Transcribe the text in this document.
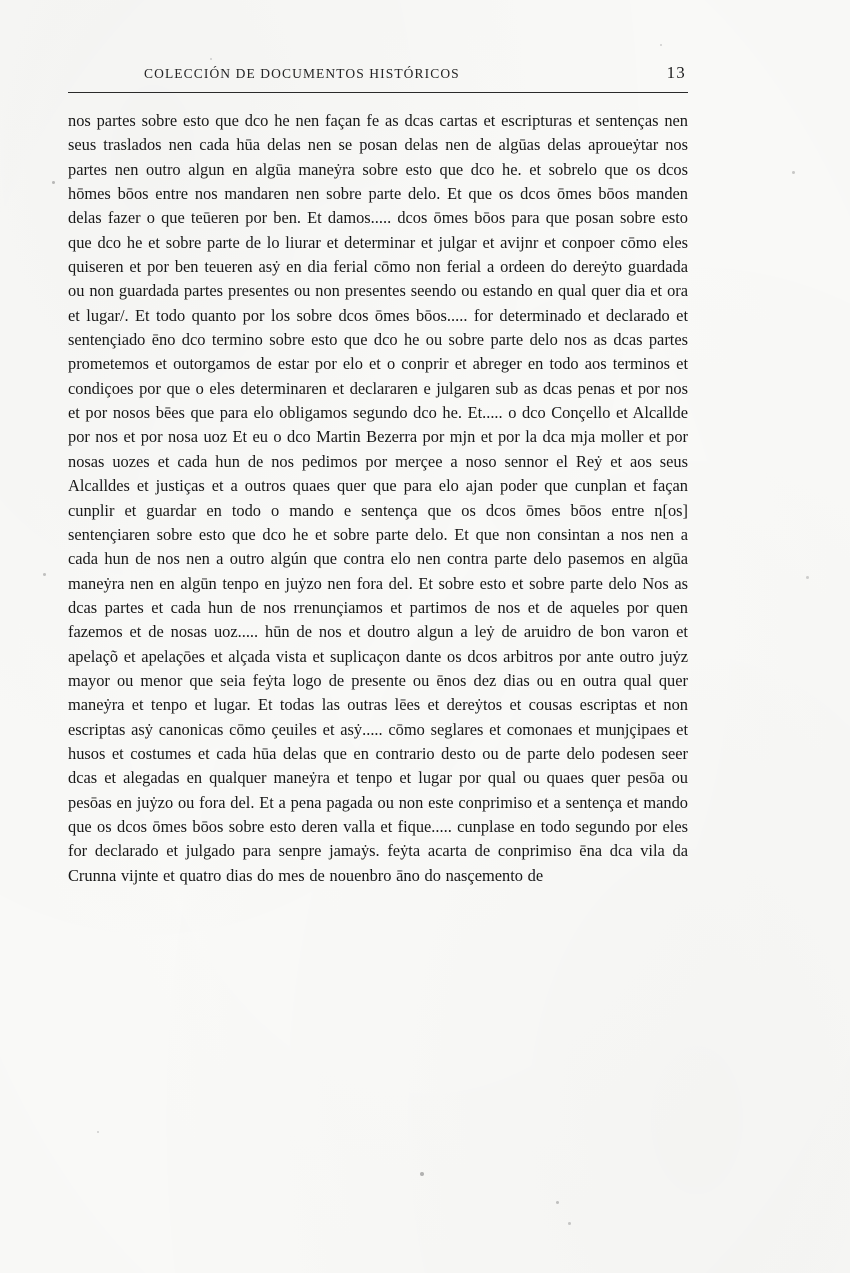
COLECCIÓN DE DOCUMENTOS HISTÓRICOS	13

nos partes sobre esto que dco he nen façan fe as dcas cartas et escripturas et sentenças nen seus traslados nen cada hūa delas nen se posan delas nen de algūas delas aproueẏtar nos partes nen outro algun en algūa maneẏra sobre esto que dco he. et sobrelo que os dcos hōmes bōos entre nos mandaren nen sobre parte delo. Et que os dcos ōmes bōos manden delas fazer o que teūeren por ben. Et damos..... dcos ōmes bōos para que posan sobre esto que dco he et sobre parte de lo liurar et determinar et julgar et avijnr et conpoer cōmo eles quiseren et por ben teueren asẏ en dia ferial cōmo non ferial a ordeen do dereẏto guardada ou non guardada partes presentes ou non presentes seendo ou estando en qual quer dia et ora et lugar/. Et todo quanto por los sobre dcos ōmes bōos..... for determinado et declarado et sentençiado ēno dco termino sobre esto que dco he ou sobre parte delo nos as dcas partes prometemos et outorgamos de estar por elo et o conprir et abreger en todo aos terminos et condiçoes por que o eles determinaren et declararen e julgaren sub as dcas penas et por nos et por nosos bēes que para elo obligamos segundo dco he. Et..... o dco Conçello et Alcallde por nos et por nosa uoz Et eu o dco Martin Bezerra por mjn et por la dca mja moller et por nosas uozes et cada hun de nos pedimos por merçee a noso sennor el Reẏ et aos seus Alcalldes et justiças et a outros quaes quer que para elo ajan poder que cunplan et façan cunplir et guardar en todo o mando e sentença que os dcos ōmes bōos entre n[os] sentençiaren sobre esto que dco he et sobre parte delo. Et que non consintan a nos nen a cada hun de nos nen a outro algún que contra elo nen contra parte delo pasemos en algūa maneẏra nen en algūn tenpo en juẏzo nen fora del. Et sobre esto et sobre parte delo Nos as dcas partes et cada hun de nos rrenunçiamos et partimos de nos et de aqueles por quen fazemos et de nosas uoz..... hūn de nos et doutro algun a leẏ de aruidro de bon varon et apelaçõ et apelaçōes et alçada vista et suplicaçon dante os dcos arbitros por ante outro juẏz mayor ou menor que seia feẏta logo de presente ou ēnos dez dias ou en outra qual quer maneẏra et tenpo et lugar. Et todas las outras lēes et dereẏtos et cousas escriptas et non escriptas asẏ canonicas cōmo çeuiles et asẏ..... cōmo seglares et comonaes et munjçipaes et husos et costumes et cada hūa delas que en contrario desto ou de parte delo podesen seer dcas et alegadas en qualquer maneẏra et tenpo et lugar por qual ou quaes quer pesōa ou pesōas en juẏzo ou fora del. Et a pena pagada ou non este conprimiso et a sentença et mando que os dcos ōmes bōos sobre esto deren valla et fique..... cunplase en todo segundo por eles for declarado et julgado para senpre jamaẏs. feẏta acarta de conprimiso ēna dca vila da Crunna vijnte et quatro dias do mes de nouenbro āno do nasçemento de
